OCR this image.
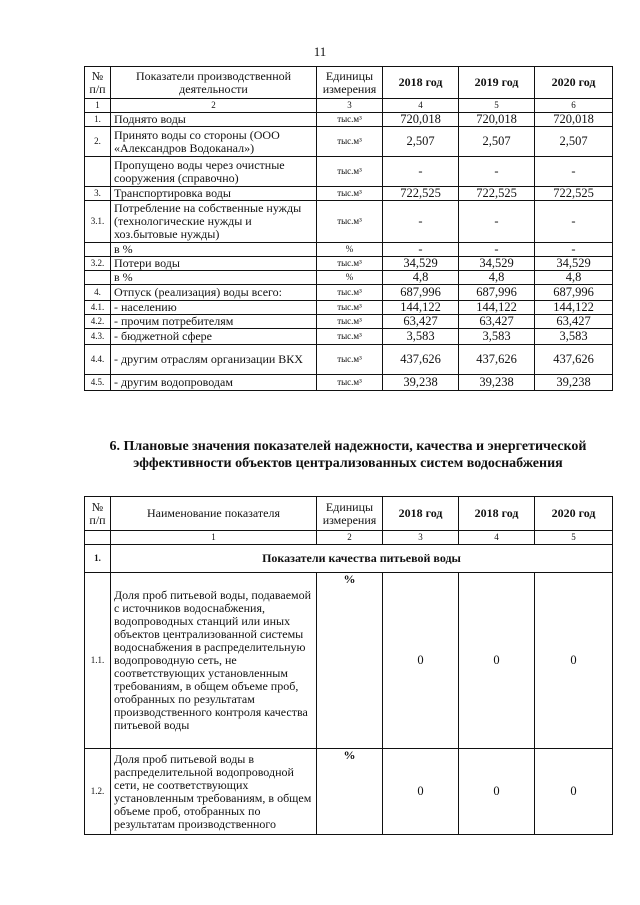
11
№ п/п	Показатели производственной деятельности	Единицы измерения	2018 год	2019 год	2020 год
1	2	3	4	5	6
1.	Поднято воды	тыс.м³	720,018	720,018	720,018
2.	Принято воды со стороны (ООО «Александров Водоканал»)	тыс.м³	2,507	2,507	2,507
	Пропущено воды через очистные сооружения (справочно)	тыс.м³	-	-	-
3.	Транспортировка воды	тыс.м³	722,525	722,525	722,525
3.1.	Потребление на собственные нужды (технологические нужды и хоз.бытовые нужды)	тыс.м³	-	-	-
	в %	%	-	-	-
3.2.	Потери воды	тыс.м³	34,529	34,529	34,529
	в %	%	4,8	4,8	4,8
4.	Отпуск (реализация) воды всего:	тыс.м³	687,996	687,996	687,996
4.1.	- населению	тыс.м³	144,122	144,122	144,122
4.2.	- прочим потребителям	тыс.м³	63,427	63,427	63,427
4.3.	- бюджетной сфере	тыс.м³	3,583	3,583	3,583
4.4.	- другим отраслям организации ВКХ	тыс.м³	437,626	437,626	437,626
4.5.	- другим водопроводам	тыс.м³	39,238	39,238	39,238
6. Плановые значения показателей надежности, качества и энергетической эффективности объектов централизованных систем водоснабжения
№ п/п	Наименование показателя	Единицы измерения	2018 год	2018 год	2020 год
	1	2	3	4	5
1.	Показатели качества питьевой воды				
1.1.	Доля проб питьевой воды, подаваемой с источников водоснабжения, водопроводных станций или иных объектов централизованной системы водоснабжения в распределительную водопроводную сеть, не соответствующих установленным требованиям, в общем объеме проб, отобранных по результатам производственного контроля качества питьевой воды	%	0	0	0
1.2.	Доля проб питьевой воды в распределительной водопроводной сети, не соответствующих установленным требованиям, в общем объеме проб, отобранных по результатам производственного	%	0	0	0
